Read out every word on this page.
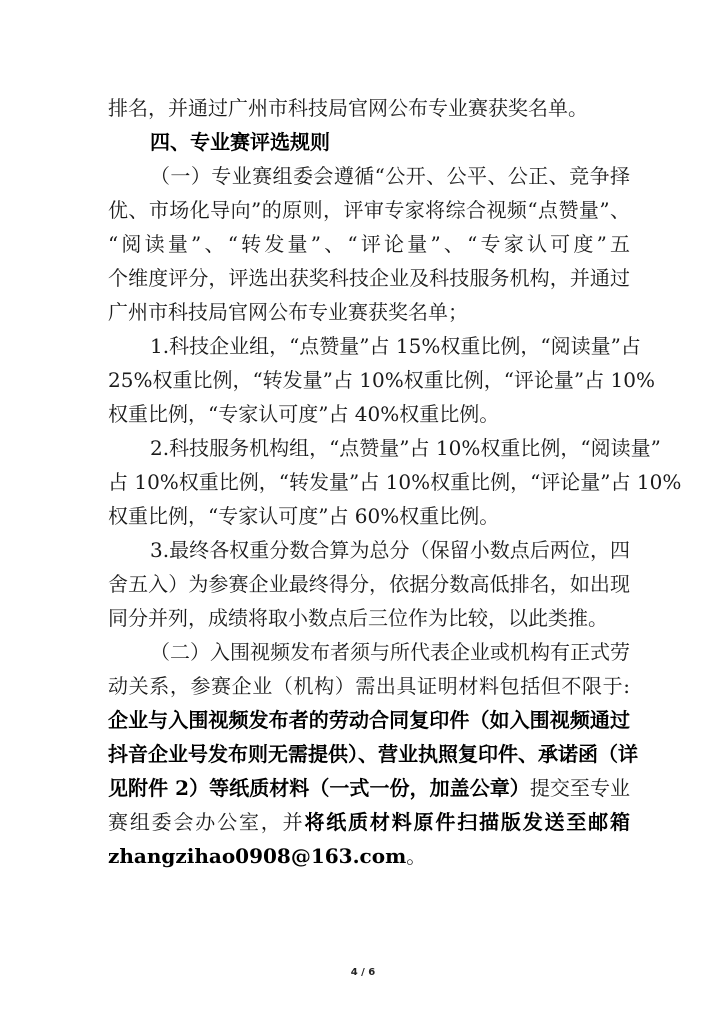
排名，并通过广州市科技局官网公布专业赛获奖名单。
四、专业赛评选规则
（一）专业赛组委会遵循“公开、公平、公正、竞争择
优、市场化导向”的原则，评审专家将综合视频“点赞量”、
“阅读量”、“转发量”、“评论量”、“专家认可度”五
个维度评分，评选出获奖科技企业及科技服务机构，并通过
广州市科技局官网公布专业赛获奖名单；
1.科技企业组，“点赞量”占 15%权重比例，“阅读量”占
25%权重比例，“转发量”占 10%权重比例，“评论量”占 10%
权重比例，“专家认可度”占 40%权重比例。
2.科技服务机构组，“点赞量”占 10%权重比例，“阅读量”
占 10%权重比例，“转发量”占 10%权重比例，“评论量”占 10%
权重比例，“专家认可度”占 60%权重比例。
3.最终各权重分数合算为总分（保留小数点后两位，四
舍五入）为参赛企业最终得分，依据分数高低排名，如出现
同分并列，成绩将取小数点后三位作为比较，以此类推。
（二）入围视频发布者须与所代表企业或机构有正式劳
动关系，参赛企业（机构）需出具证明材料包括但不限于:
企业与入围视频发布者的劳动合同复印件（如入围视频通过
抖音企业号发布则无需提供）、营业执照复印件、承诺函（详
见附件 2）等纸质材料（一式一份，加盖公章）提交至专业
赛组委会办公室，并将纸质材料原件扫描版发送至邮箱
zhangzihao0908@163.com。
4 / 6
